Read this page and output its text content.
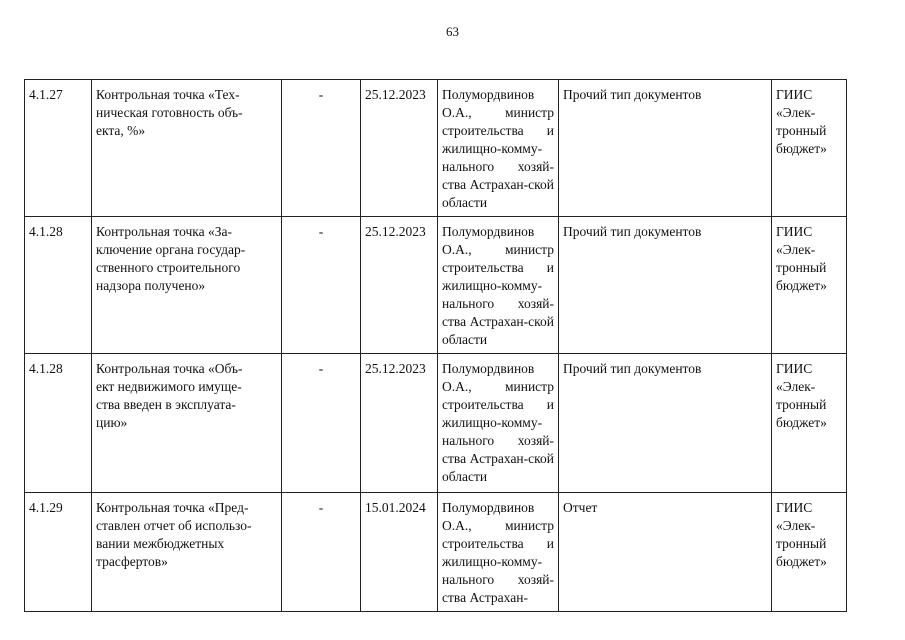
63
4.1.27	Контрольная точка «Тех-
ническая готовность объ-
екта, %»	-	25.12.2023	Полумордвинов О.А., министр строительства и жилищно-комму-нального хозяй-ства Астрахан-ской области	Прочий тип документов	ГИИС
«Элек-
тронный
бюджет»
4.1.28	Контрольная точка «За-
ключение органа государ-
ственного строительного
надзора получено»	-	25.12.2023	Полумордвинов О.А., министр строительства и жилищно-комму-нального хозяй-ства Астрахан-ской области	Прочий тип документов	ГИИС
«Элек-
тронный
бюджет»
4.1.28	Контрольная точка «Объ-
ект недвижимого имуще-
ства введен в эксплуата-
цию»	-	25.12.2023	Полумордвинов О.А., министр строительства и жилищно-комму-нального хозяй-ства Астрахан-ской области	Прочий тип документов	ГИИС
«Элек-
тронный
бюджет»
4.1.29	Контрольная точка «Пред-
ставлен отчет об использо-
вании межбюджетных
трасфертов»	-	15.01.2024	Полумордвинов О.А., министр строительства и жилищно-комму-нального хозяй-ства Астрахан-	Отчет	ГИИС
«Элек-
тронный
бюджет»
